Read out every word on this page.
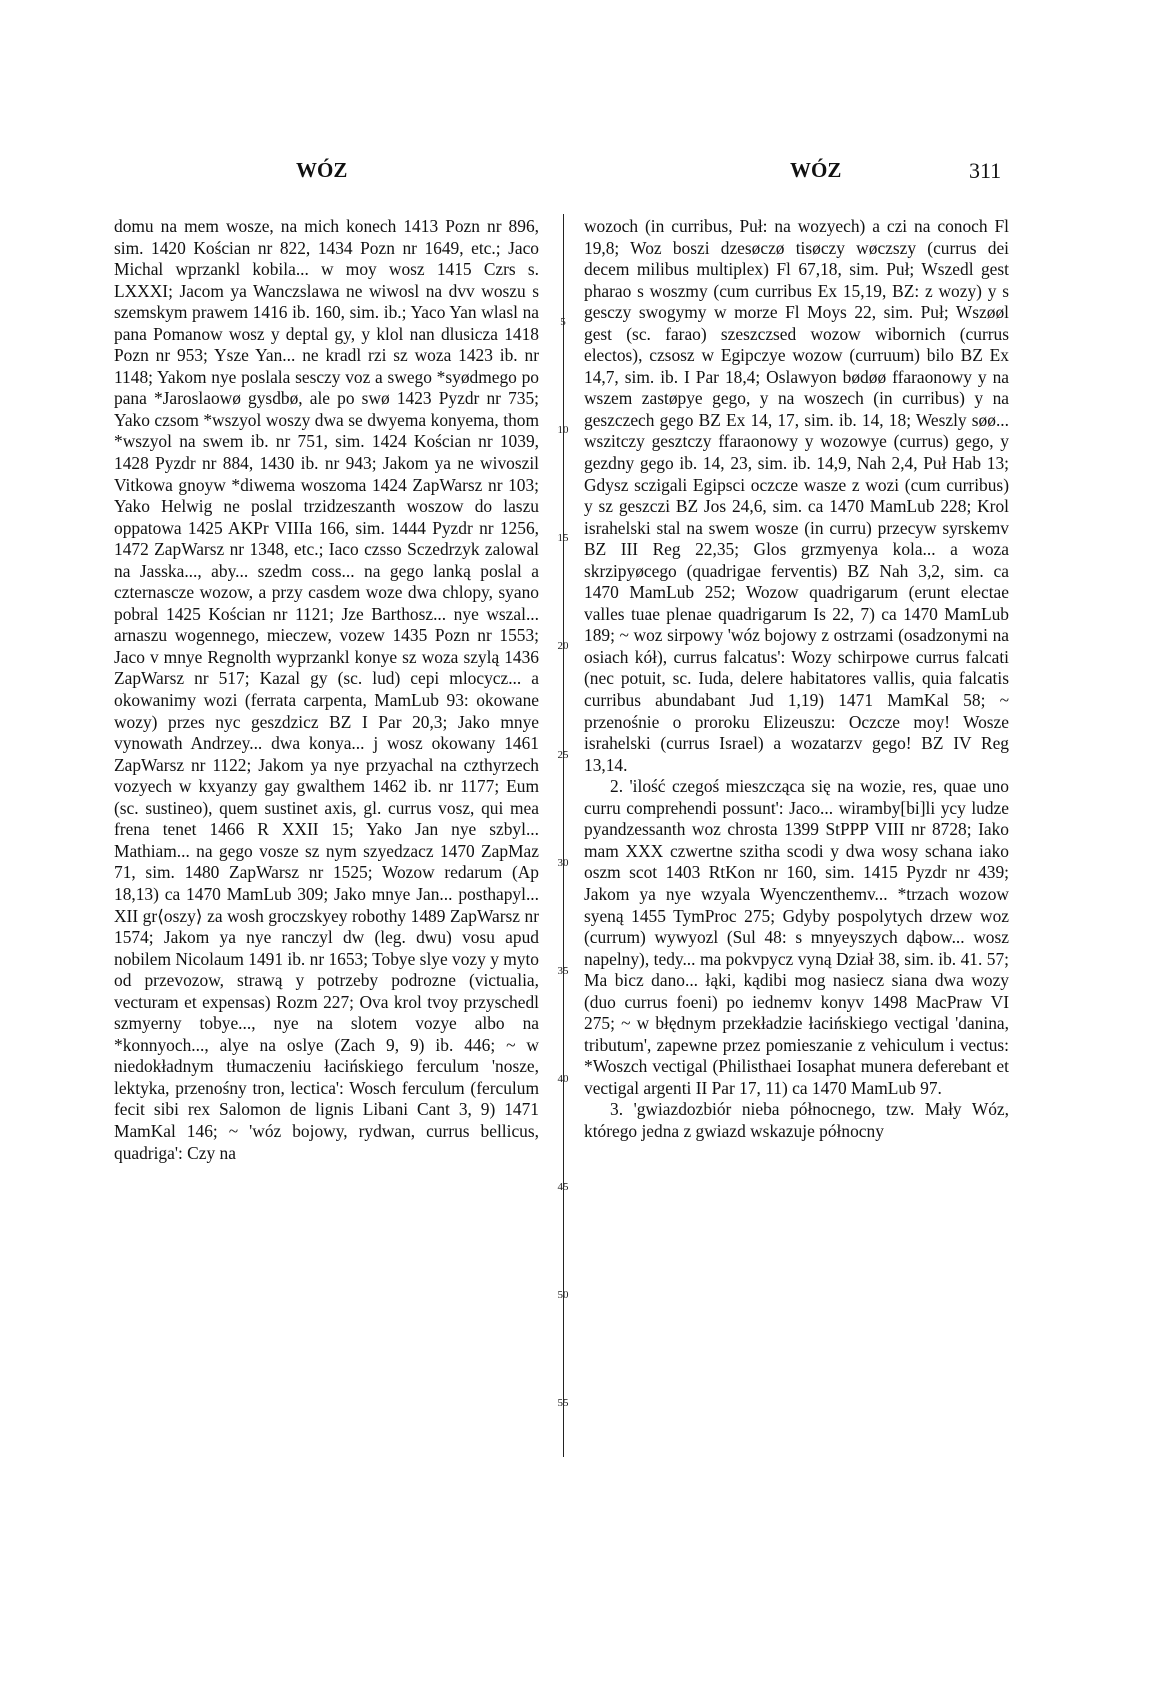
WÓZ	WÓZ	311

domu na mem wosze, na mich konech 1413 Pozn nr 896, sim. 1420 Kościan nr 822, 1434 Pozn nr 1649, etc.; Jaco Michal wprzankl kobila... w moy wosz 1415 Czrs s. LXXXI; Jacom ya Wanczslawa ne wiwosl na dvv woszu s szemskym prawem 1416 ib. 160, sim. ib.; Yaco Yan wlasl na pana Pomanow wosz y deptal gy, y klol nan dlusicza 1418 Pozn nr 953; Ysze Yan... ne kradl rzi sz woza 1423 ib. nr 1148; Yakom nye poslala sesczy voz a swego *syødmego po pana *Jaroslaowø gysdbø, ale po swø 1423 Pyzdr nr 735; Yako czsom *wszyol woszy dwa se dwyema konyema, thom *wszyol na swem ib. nr 751, sim. 1424 Kościan nr 1039, 1428 Pyzdr nr 884, 1430 ib. nr 943; Jakom ya ne wivoszil Vitkowa gnoyw *diwema woszoma 1424 ZapWarsz nr 103; Yako Helwig ne poslal trzidzeszanth woszow do laszu oppatowa 1425 AKPr VIIIa 166, sim. 1444 Pyzdr nr 1256, 1472 ZapWarsz nr 1348, etc.; Iaco czsso Sczedrzyk zalowal na Jasska..., aby... szedm coss... na gego lanką poslal a czternascze wozow, a przy casdem woze dwa chlopy, syano pobral 1425 Kościan nr 1121; Jze Barthosz... nye wszal... arnaszu wogennego, mieczew, vozew 1435 Pozn nr 1553; Jaco v mnye Regnolth wyprzankl konye sz woza szylą 1436 ZapWarsz nr 517; Kazal gy (sc. lud) cepi mlocycz... a okowanimy wozi (ferrata carpenta, MamLub 93: okowane wozy) przes nyc geszdzicz BZ I Par 20,3; Jako mnye vynowath Andrzey... dwa konya... j wosz okowany 1461 ZapWarsz nr 1122; Jakom ya nye przyachal na czthyrzech vozyech w kxyanzy gay gwalthem 1462 ib. nr 1177; Eum (sc. sustineo), quem sustinet axis, gl. currus vosz, qui mea frena tenet 1466 R XXII 15; Yako Jan nye szbyl... Mathiam... na gego vosze sz nym szyedzacz 1470 ZapMaz 71, sim. 1480 ZapWarsz nr 1525; Wozow redarum (Ap 18,13) ca 1470 MamLub 309; Jako mnye Jan... posthapyl... XII gr⟨oszy⟩ za wosh groczskyey robothy 1489 ZapWarsz nr 1574; Jakom ya nye ranczyl dw (leg. dwu) vosu apud nobilem Nicolaum 1491 ib. nr 1653; Tobye slye vozy y myto od przevozow, strawą y potrzeby podrozne (victualia, vecturam et expensas) Rozm 227; Ova krol tvoy przyschedl szmyerny tobye..., nye na slotem vozye albo na *konnyoch..., alye na oslye (Zach 9, 9) ib. 446; ~ w niedokładnym tłumaczeniu łacińskiego ferculum 'nosze, lektyka, przenośny tron, lectica': Wosch ferculum (ferculum fecit sibi rex Salomon de lignis Libani Cant 3, 9) 1471 MamKal 146; ~ 'wóz bojowy, rydwan, currus bellicus, quadriga': Czy na

5
10
15
20
25
30
35
40
45
50
55

wozoch (in curribus, Puł: na wozyech) a czi na conoch Fl 19,8; Woz boszi dzesøczø tisøczy wøczszy (currus dei decem milibus multiplex) Fl 67,18, sim. Puł; Wszedl gest pharao s woszmy (cum curribus Ex 15,19, BZ: z wozy) y s gesczy swogymy w morze Fl Moys 22, sim. Puł; Wszøøl gest (sc. farao) szeszczsed wozow wibornich (currus electos), czsosz w Egipczye wozow (curruum) bilo BZ Ex 14,7, sim. ib. I Par 18,4; Oslawyon bødøø ffaraonowy y na wszem zastøpye gego, y na woszech (in curribus) y na geszczech gego BZ Ex 14, 17, sim. ib. 14, 18; Weszly søø... wszitczy gesztczy ffaraonowy y wozowye (currus) gego, y gezdny gego ib. 14, 23, sim. ib. 14,9, Nah 2,4, Puł Hab 13; Gdysz sczigali Egipsci oczcze wasze z wozi (cum curribus) y sz geszczi BZ Jos 24,6, sim. ca 1470 MamLub 228; Krol israhelski stal na swem wosze (in curru) przecyw syrskemv BZ III Reg 22,35; Glos grzmyenya kola... a woza skrzipyøcego (quadrigae ferventis) BZ Nah 3,2, sim. ca 1470 MamLub 252; Wozow quadrigarum (erunt electae valles tuae plenae quadrigarum Is 22, 7) ca 1470 MamLub 189; ~ woz sirpowy 'wóz bojowy z ostrzami (osadzonymi na osiach kół), currus falcatus': Wozy schirpowe currus falcati (nec potuit, sc. Iuda, delere habitatores vallis, quia falcatis curribus abundabant Jud 1,19) 1471 MamKal 58; ~ przenośnie o proroku Elizeuszu: Oczcze moy! Wosze israhelski (currus Israel) a wozatarzv gego! BZ IV Reg 13,14.

2. 'ilość czegoś mieszcząca się na wozie, res, quae uno curru comprehendi possunt': Jaco... wiramby[bi]li ycy ludze pyandzessanth woz chrosta 1399 StPPP VIII nr 8728; Iako mam XXX czwertne szitha scodi y dwa wosy schana iako oszm scot 1403 RtKon nr 160, sim. 1415 Pyzdr nr 439; Jakom ya nye wzyala Wyenczenthemv... *trzach wozow syeną 1455 TymProc 275; Gdyby pospolytych drzew woz (currum) wywyozl (Sul 48: s mnyeyszych dąbow... wosz napelny), tedy... ma pokvpycz vyną Dział 38, sim. ib. 41. 57; Ma bicz dano... łąki, kądibi mog nasiecz siana dwa wozy (duo currus foeni) po iednemv konyv 1498 MacPraw VI 275; ~ w błędnym przekładzie łacińskiego vectigal 'danina, tributum', zapewne przez pomieszanie z vehiculum i vectus: *Woszch vectigal (Philisthaei Iosaphat munera deferebant et vectigal argenti II Par 17, 11) ca 1470 MamLub 97.

3. 'gwiazdozbiór nieba północnego, tzw. Mały Wóz, którego jedna z gwiazd wskazuje północny
